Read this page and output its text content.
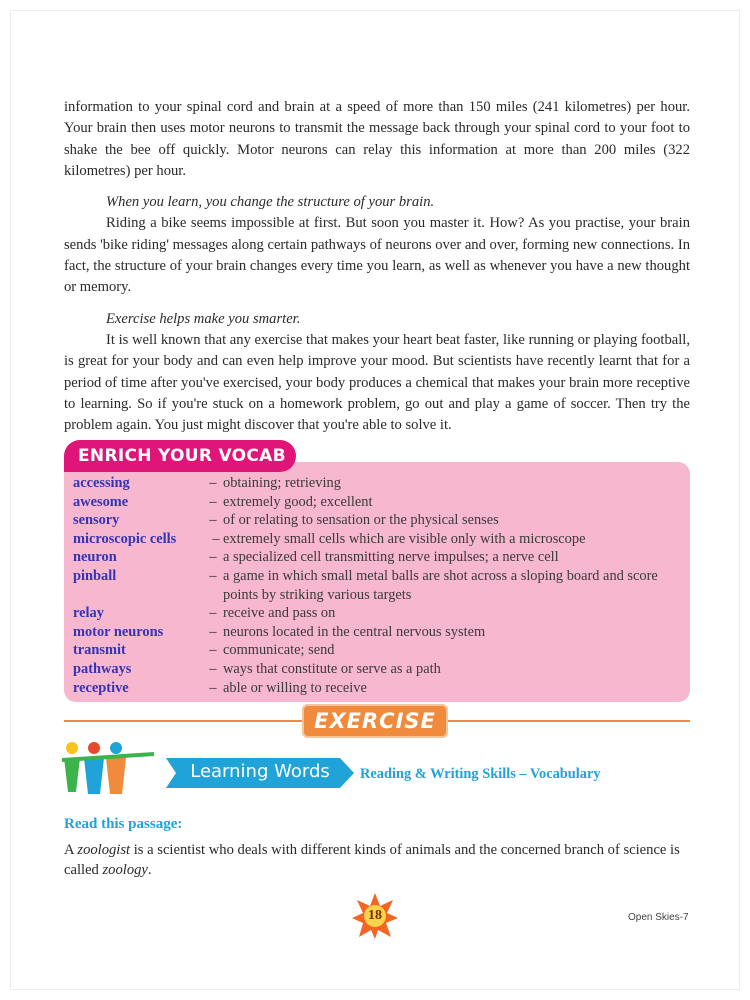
information to your spinal cord and brain at a speed of more than 150 miles (241 kilometres) per hour. Your brain then uses motor neurons to transmit the message back through your spinal cord to your foot to shake the bee off quickly. Motor neurons can relay this information at more than 200 miles (322 kilometres) per hour.

When you learn, you change the structure of your brain.

Riding a bike seems impossible at first. But soon you master it. How? As you practise, your brain sends 'bike riding' messages along certain pathways of neurons over and over, forming new connections. In fact, the structure of your brain changes every time you learn, as well as whenever you have a new thought or memory.

Exercise helps make you smarter.

It is well known that any exercise that makes your heart beat faster, like running or playing football, is great for your body and can even help improve your mood. But scientists have recently learnt that for a period of time after you've exercised, your body produces a chemical that makes your brain more receptive to learning. So if you're stuck on a homework problem, go out and play a game of soccer. Then try the problem again. You just might discover that you're able to solve it.

ENRICH YOUR VOCAB
accessing	– obtaining; retrieving
awesome	– extremely good; excellent
sensory	– of or relating to sensation or the physical senses
microscopic cells	– extremely small cells which are visible only with a microscope
neuron	– a specialized cell transmitting nerve impulses; a nerve cell
pinball	– a game in which small metal balls are shot across a sloping board and score points by striking various targets
relay	– receive and pass on
motor neurons	– neurons located in the central nervous system
transmit	– communicate; send
pathways	– ways that constitute or serve as a path
receptive	– able or willing to receive
EXERCISE
Learning Words	Reading & Writing Skills – Vocabulary
Read this passage:
A zoologist is a scientist who deals with different kinds of animals and the concerned branch of science is called zoology.
18	Open Skies-7
